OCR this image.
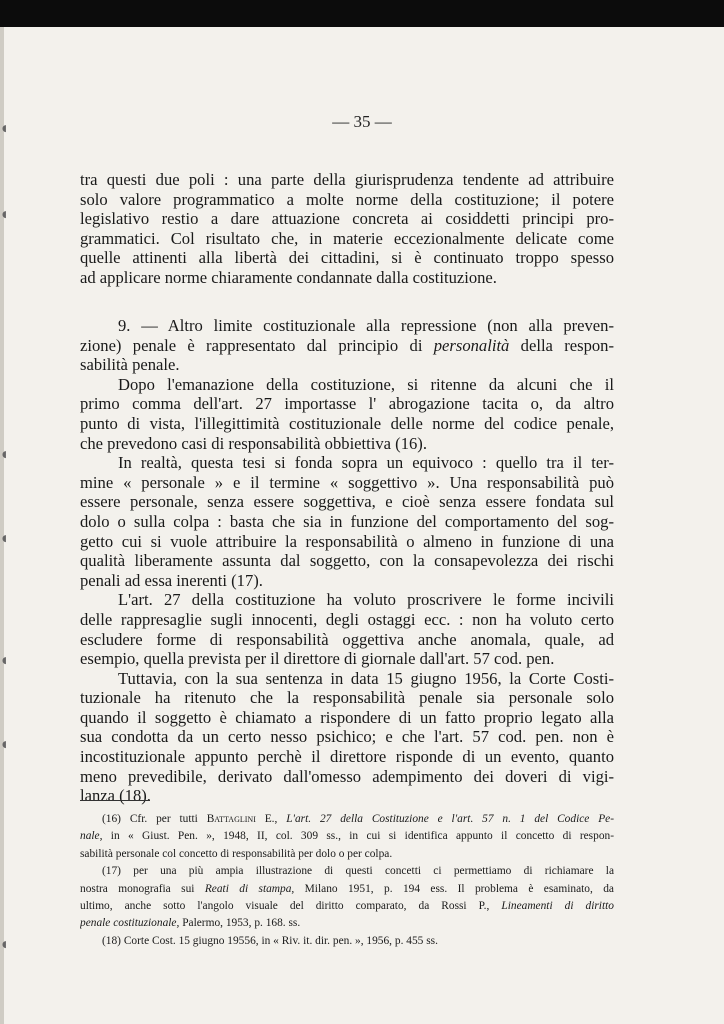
◖
◖
◖
◖
◖
◖
◖
— 35 —
tra questi due poli : una parte della giurisprudenza tendente ad attribuire
solo valore programmatico a molte norme della costituzione; il potere
legislativo restio a dare attuazione concreta ai cosiddetti principi pro-
grammatici. Col risultato che, in materie eccezionalmente delicate come
quelle attinenti alla libertà dei cittadini, si è continuato troppo spesso
ad applicare norme chiaramente condannate dalla costituzione.
9. — Altro limite costituzionale alla repressione (non alla preven-
zione) penale è rappresentato dal principio di personalità della respon-
sabilità penale.
Dopo l'emanazione della costituzione, si ritenne da alcuni che il
primo comma dell'art. 27 importasse l' abrogazione tacita o, da altro
punto di vista, l'illegittimità costituzionale delle norme del codice penale,
che prevedono casi di responsabilità obbiettiva (16).
In realtà, questa tesi si fonda sopra un equivoco : quello tra il ter-
mine « personale » e il termine « soggettivo ». Una responsabilità può
essere personale, senza essere soggettiva, e cioè senza essere fondata sul
dolo o sulla colpa : basta che sia in funzione del comportamento del sog-
getto cui si vuole attribuire la responsabilità o almeno in funzione di una
qualità liberamente assunta dal soggetto, con la consapevolezza dei rischi
penali ad essa inerenti (17).
L'art. 27 della costituzione ha voluto proscrivere le forme incivili
delle rappresaglie sugli innocenti, degli ostaggi ecc. : non ha voluto certo
escludere forme di responsabilità oggettiva anche anomala, quale, ad
esempio, quella prevista per il direttore di giornale dall'art. 57 cod. pen.
Tuttavia, con la sua sentenza in data 15 giugno 1956, la Corte Costi-
tuzionale ha ritenuto che la responsabilità penale sia personale solo
quando il soggetto è chiamato a rispondere di un fatto proprio legato alla
sua condotta da un certo nesso psichico; e che l'art. 57 cod. pen. non è
incostituzionale appunto perchè il direttore risponde di un evento, quanto
meno prevedibile, derivato dall'omesso adempimento dei doveri di vigi-
lanza (18).
(16) Cfr. per tutti Battaglini E., L'art. 27 della Costituzione e l'art. 57 n. 1 del Codice Pe-
nale, in « Giust. Pen. », 1948, II, col. 309 ss., in cui si identifica appunto il concetto di respon-
sabilità personale col concetto di responsabilità per dolo o per colpa.
(17) per una più ampia illustrazione di questi concetti ci permettiamo di richiamare la
nostra monografia sui Reati di stampa, Milano 1951, p. 194 ess. Il problema è esaminato, da
ultimo, anche sotto l'angolo visuale del diritto comparato, da Rossi P., Lineamenti di diritto
penale costituzionale, Palermo, 1953, p. 168. ss.
(18) Corte Cost. 15 giugno 19556, in « Riv. it. dir. pen. », 1956, p. 455 ss.
